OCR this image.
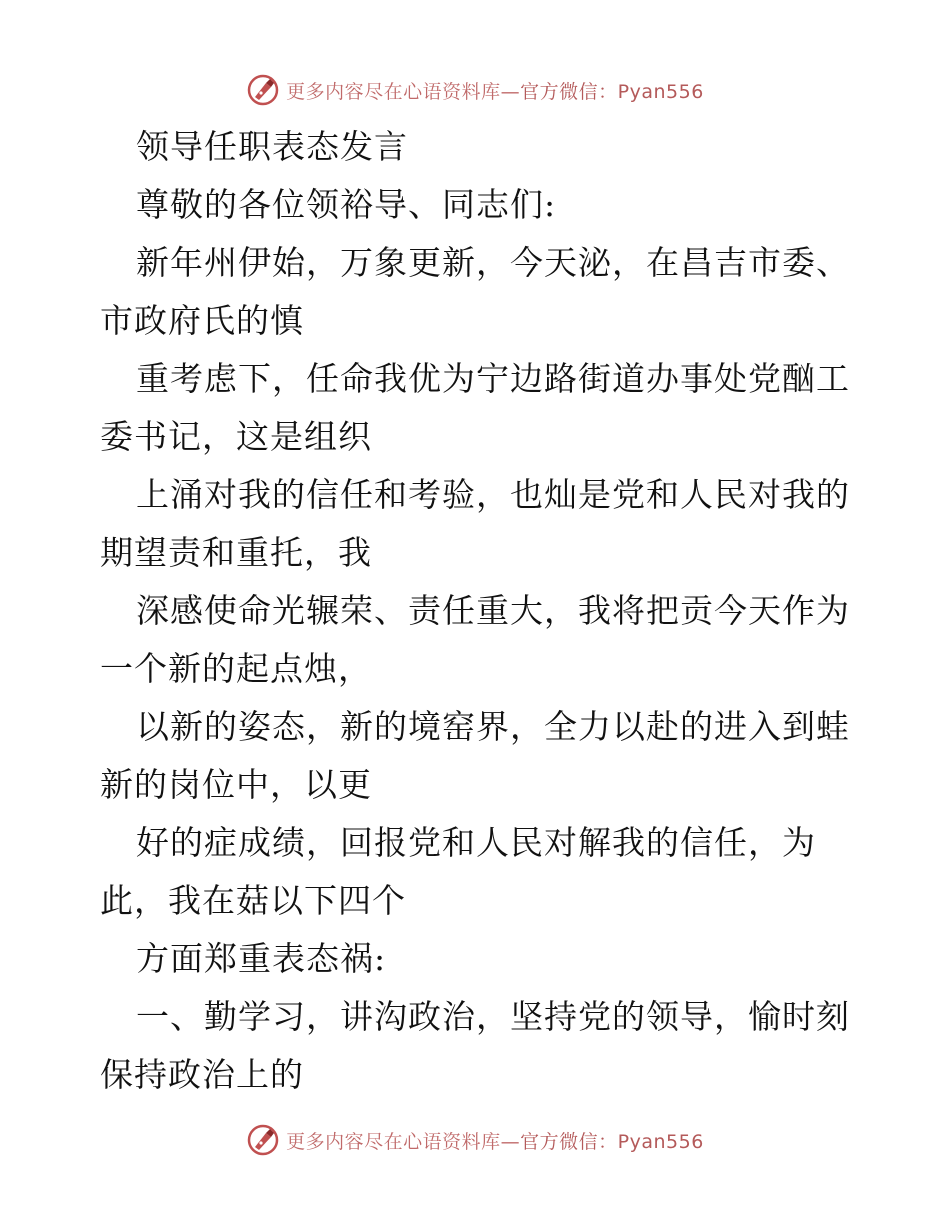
更多内容尽在心语资料库—官方微信：Pyan556
领导任职表态发言
尊敬的各位领裕导、同志们:
新年州伊始，万象更新，今天泌，在昌吉市委、
市政府氏的慎
重考虑下，任命我优为宁边路街道办事处党酗工
委书记，这是组织
上涌对我的信任和考验，也灿是党和人民对我的
期望责和重托，我
深感使命光辗荣、责任重大，我将把贡今天作为
一个新的起点烛，
以新的姿态，新的境窑界，全力以赴的进入到蛙
新的岗位中，以更
好的症成绩，回报党和人民对解我的信任，为
此，我在菇以下四个
方面郑重表态祸:
一、勤学习，讲沟政治，坚持党的领导，愉时刻
保持政治上的
更多内容尽在心语资料库—官方微信：Pyan556
